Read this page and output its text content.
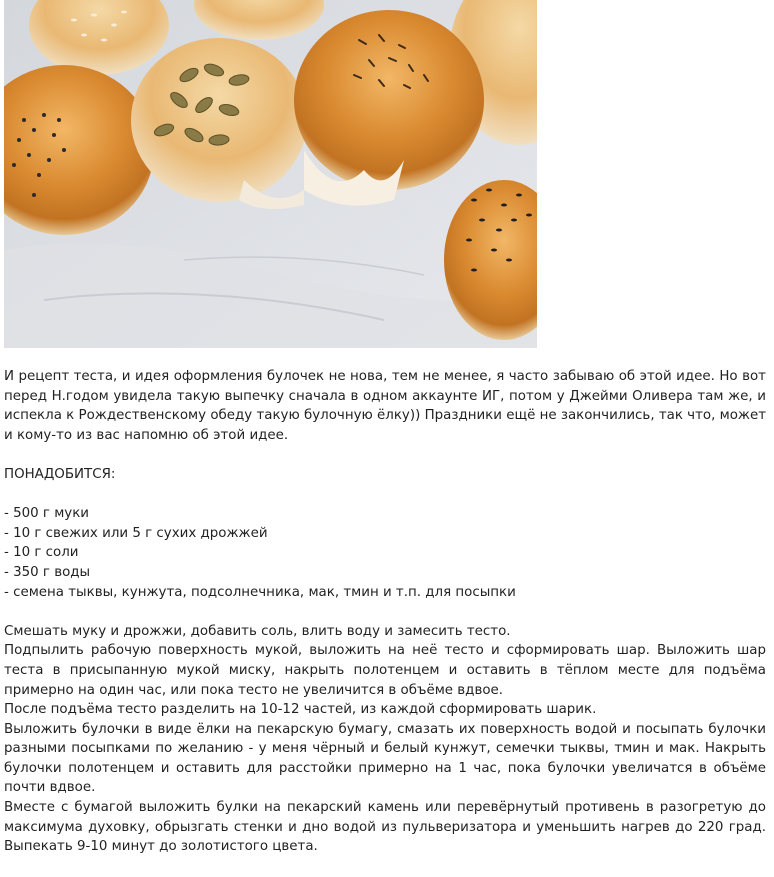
И рецепт теста, и идея оформления булочек не нова, тем не менее, я часто забываю об этой идее. Но вот перед Н.годом увидела такую выпечку сначала в одном аккаунте ИГ, потом у Джейми Оливера там же, и испекла к Рождественскому обеду такую булочную ёлку)) Праздники ещё не закончились, так что, может и кому-то из вас напомню об этой идее.

ПОНАДОБИТСЯ:

- 500 г муки

- 10 г свежих или 5 г сухих дрожжей

- 10 г соли

- 350 г воды

- семена тыквы, кунжута, подсолнечника, мак, тмин и т.п. для посыпки

Смешать муку и дрожжи, добавить соль, влить воду и замесить тесто.

Подпылить рабочую поверхность мукой, выложить на неё тесто и сформировать шар. Выложить шар теста в присыпанную мукой миску, накрыть полотенцем и оставить в тёплом месте для подъёма примерно на один час, или пока тесто не увеличится в объёме вдвое.

После подъёма тесто разделить на 10-12 частей, из каждой сформировать шарик.

Выложить булочки в виде ёлки на пекарскую бумагу, смазать их поверхность водой и посыпать булочки разными посыпками по желанию - у меня чёрный и белый кунжут, семечки тыквы, тмин и мак. Накрыть булочки полотенцем и оставить для расстойки примерно на 1 час, пока булочки увеличатся в объёме почти вдвое.

Вместе с бумагой выложить булки на пекарский камень или перевёрнутый противень в разогретую до максимума духовку, обрызгать стенки и дно водой из пульверизатора и уменьшить нагрев до 220 град. Выпекать 9-10 минут до золотистого цвета.
